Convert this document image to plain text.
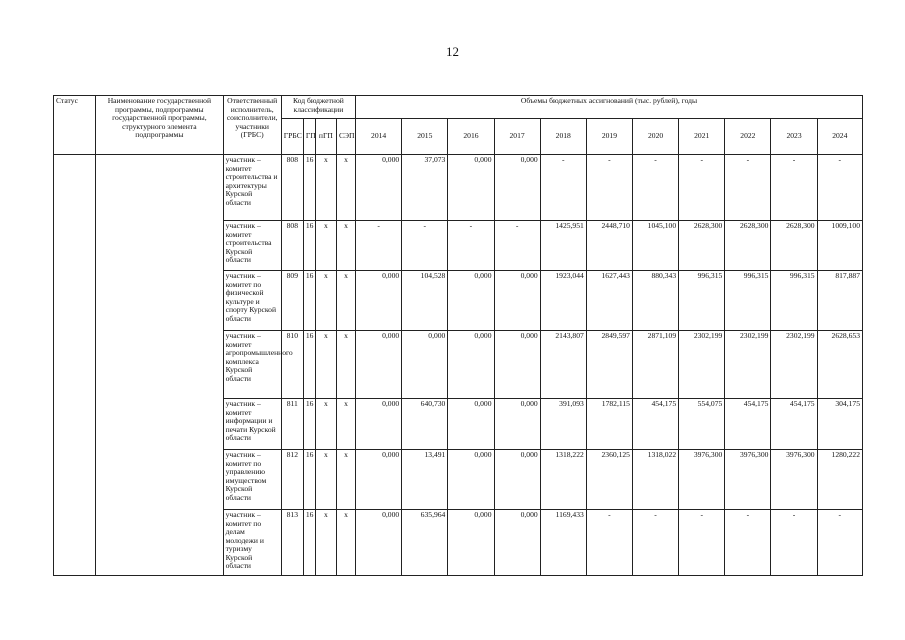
12
Статус	Наименование государственной программы, подпрограммы государственной программы, структурного элемента подпрограммы	Ответственный исполнитель, соисполнители, участники (ГРБС)	Код бюджетной классификации				Объемы бюджетных ассигнований (тыс. рублей), годы										
			ГРБС	ГП	пГП	СЭП	2014	2015	2016	2017	2018	2019	2020	2021	2022	2023	2024
		участник – комитет строительства и архитектуры Курской области	808	16	х	х	0,000	37,073	0,000	0,000	-	-	-	-	-	-	-
		участник – комитет строительства Курской области	808	16	х	х	-	-	-	-	1425,951	2448,710	1045,100	2628,300	2628,300	2628,300	1009,100
		участник – комитет по физической культуре и спорту Курской области	809	16	х	х	0,000	104,528	0,000	0,000	1923,044	1627,443	880,343	996,315	996,315	996,315	817,887
		участник – комитет агропромышленного комплекса Курской области	810	16	х	х	0,000	0,000	0,000	0,000	2143,807	2849,597	2871,109	2302,199	2302,199	2302,199	2628,653
		участник – комитет информации и печати Курской области	811	16	х	х	0,000	640,730	0,000	0,000	391,093	1782,115	454,175	554,075	454,175	454,175	304,175
		участник – комитет по управлению имуществом Курской области	812	16	х	х	0,000	13,491	0,000	0,000	1318,222	2360,125	1318,022	3976,300	3976,300	3976,300	1280,222
		участник – комитет по делам молодежи и туризму Курской области	813	16	х	х	0,000	635,964	0,000	0,000	1169,433	-	-	-	-	-	-
